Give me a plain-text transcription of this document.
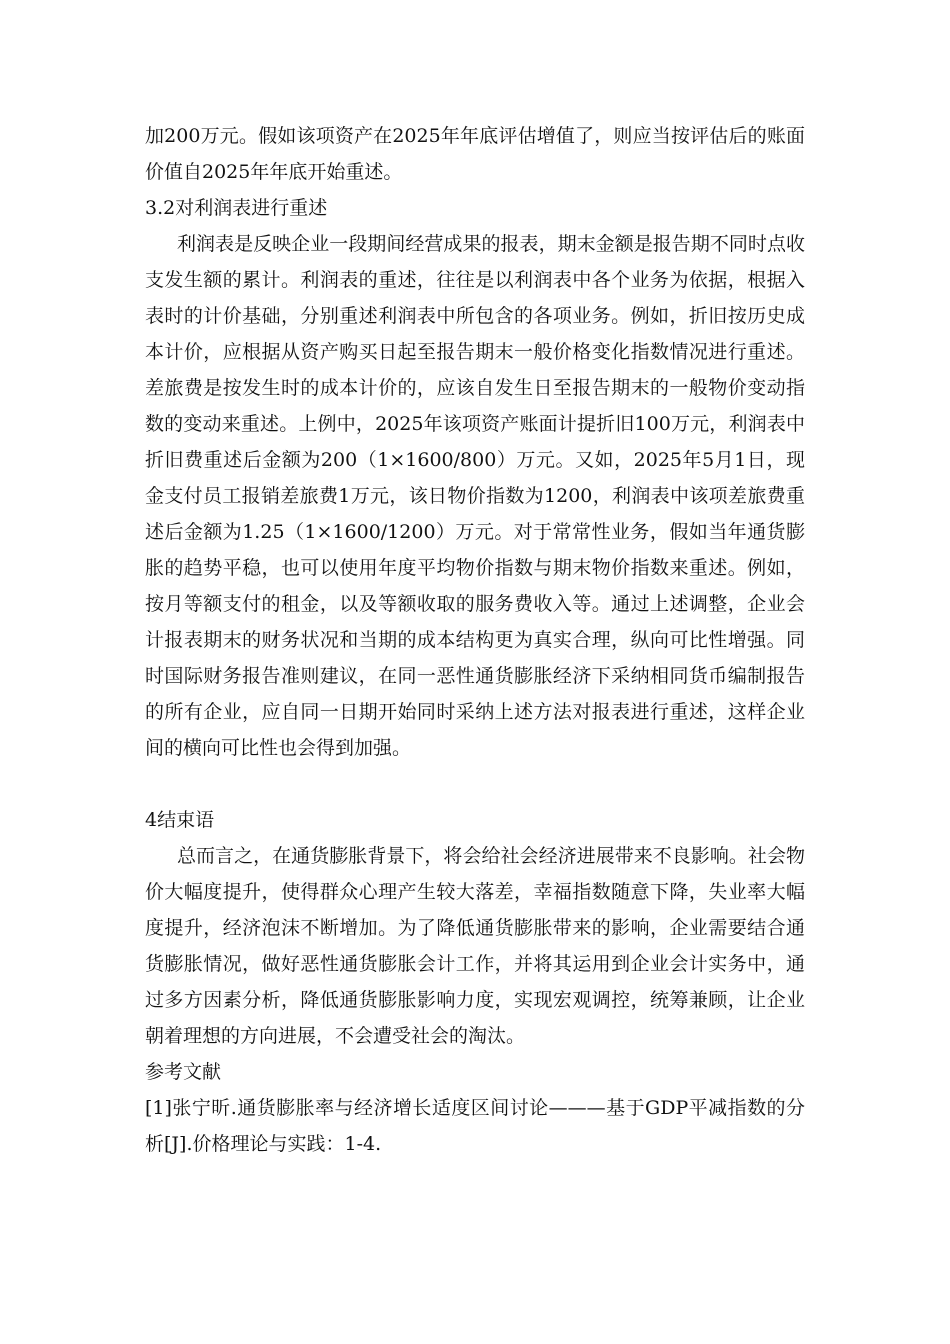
加200万元。假如该项资产在2025年年底评估增值了，则应当按评估后的账面价值自2025年年底开始重述。

3.2对利润表进行重述

利润表是反映企业一段期间经营成果的报表，期末金额是报告期不同时点收支发生额的累计。利润表的重述，往往是以利润表中各个业务为依据，根据入表时的计价基础，分别重述利润表中所包含的各项业务。例如，折旧按历史成本计价，应根据从资产购买日起至报告期末一般价格变化指数情况进行重述。差旅费是按发生时的成本计价的，应该自发生日至报告期末的一般物价变动指数的变动来重述。上例中，2025年该项资产账面计提折旧100万元，利润表中折旧费重述后金额为200（1×1600/800）万元。又如，2025年5月1日，现金支付员工报销差旅费1万元，该日物价指数为1200，利润表中该项差旅费重述后金额为1.25（1×1600/1200）万元。对于常常性业务，假如当年通货膨胀的趋势平稳，也可以使用年度平均物价指数与期末物价指数来重述。例如，按月等额支付的租金，以及等额收取的服务费收入等。通过上述调整，企业会计报表期末的财务状况和当期的成本结构更为真实合理，纵向可比性增强。同时国际财务报告准则建议，在同一恶性通货膨胀经济下采纳相同货币编制报告的所有企业，应自同一日期开始同时采纳上述方法对报表进行重述，这样企业间的横向可比性也会得到加强。

4结束语

总而言之，在通货膨胀背景下，将会给社会经济进展带来不良影响。社会物价大幅度提升，使得群众心理产生较大落差，幸福指数随意下降，失业率大幅度提升，经济泡沫不断增加。为了降低通货膨胀带来的影响，企业需要结合通货膨胀情况，做好恶性通货膨胀会计工作，并将其运用到企业会计实务中，通过多方因素分析，降低通货膨胀影响力度，实现宏观调控，统筹兼顾，让企业朝着理想的方向进展，不会遭受社会的淘汰。

参考文献

[1]张宁昕.通货膨胀率与经济增长适度区间讨论———基于GDP平减指数的分析[J].价格理论与实践：1-4.
